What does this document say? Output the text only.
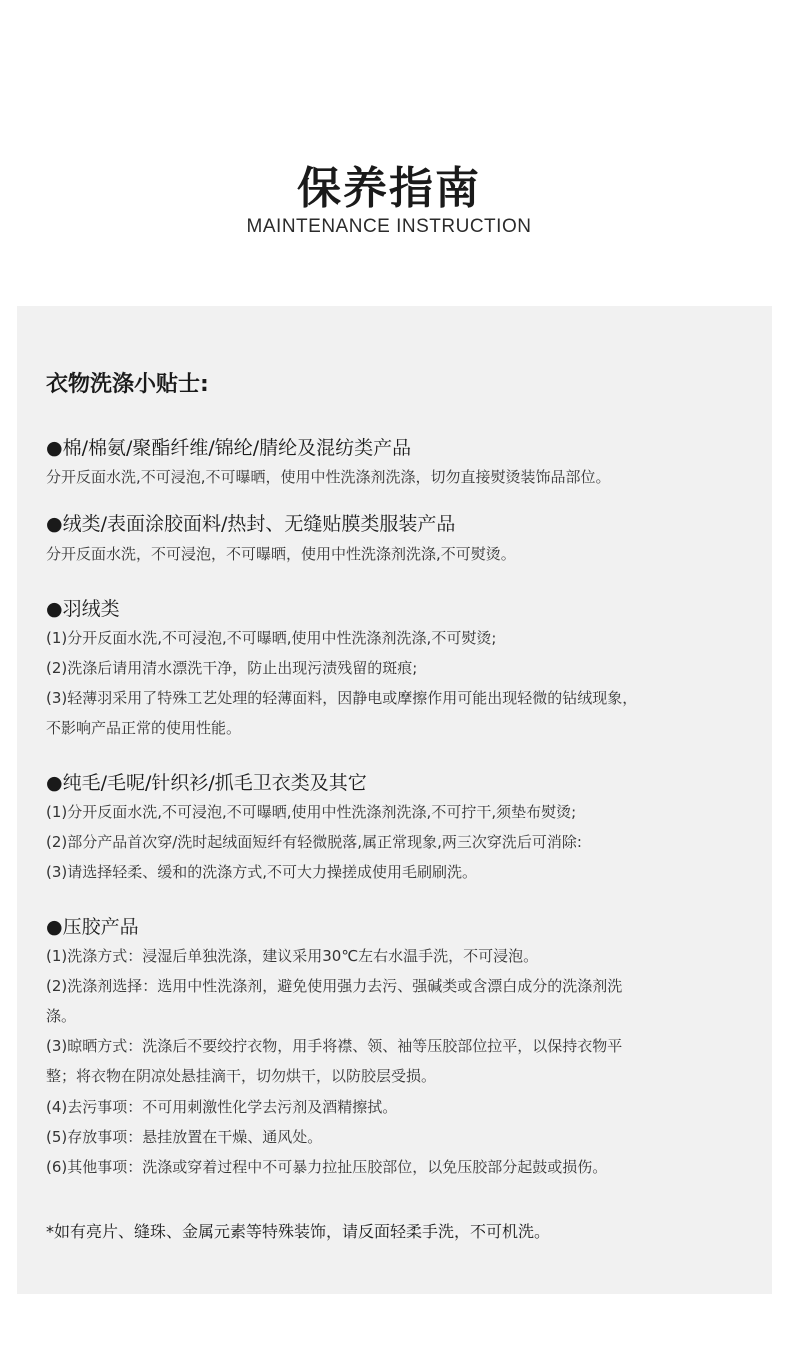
保养指南
MAINTENANCE INSTRUCTION
衣物洗涤小贴士:
●棉/棉氨/聚酯纤维/锦纶/腈纶及混纺类产品
分开反面水洗,不可浸泡,不可曝晒，使用中性洗涤剂洗涤，切勿直接熨烫装饰品部位。
●绒类/表面涂胶面料/热封、无缝贴膜类服装产品
分开反面水洗，不可浸泡，不可曝晒，使用中性洗涤剂洗涤,不可熨烫。
●羽绒类
(1)分开反面水洗,不可浸泡,不可曝晒,使用中性洗涤剂洗涤,不可熨烫;
(2)洗涤后请用清水漂洗干净，防止出现污渍残留的斑痕;
(3)轻薄羽采用了特殊工艺处理的轻薄面料，因静电或摩擦作用可能出现轻微的钻绒现象，
不影响产品正常的使用性能。
●纯毛/毛呢/针织衫/抓毛卫衣类及其它
(1)分开反面水洗,不可浸泡,不可曝晒,使用中性洗涤剂洗涤,不可拧干,须垫布熨烫;
(2)部分产品首次穿/洗时起绒面短纤有轻微脱落,属正常现象,两三次穿洗后可消除:
(3)请选择轻柔、缓和的洗涤方式,不可大力操搓成使用毛刷刷洗。
●压胶产品
(1)洗涤方式：浸湿后单独洗涤，建议采用30℃左右水温手洗，不可浸泡。
(2)洗涤剂选择：选用中性洗涤剂，避免使用强力去污、强碱类或含漂白成分的洗涤剂洗
涤。
(3)晾晒方式：洗涤后不要绞拧衣物，用手将襟、领、袖等压胶部位拉平，以保持衣物平
整；将衣物在阴凉处悬挂滴干，切勿烘干，以防胶层受损。
(4)去污事项：不可用刺激性化学去污剂及酒精擦拭。
(5)存放事项：悬挂放置在干燥、通风处。
(6)其他事项：洗涤或穿着过程中不可暴力拉扯压胶部位，以免压胶部分起鼓或损伤。
*如有亮片、缝珠、金属元素等特殊装饰，请反面轻柔手洗，不可机洗。
